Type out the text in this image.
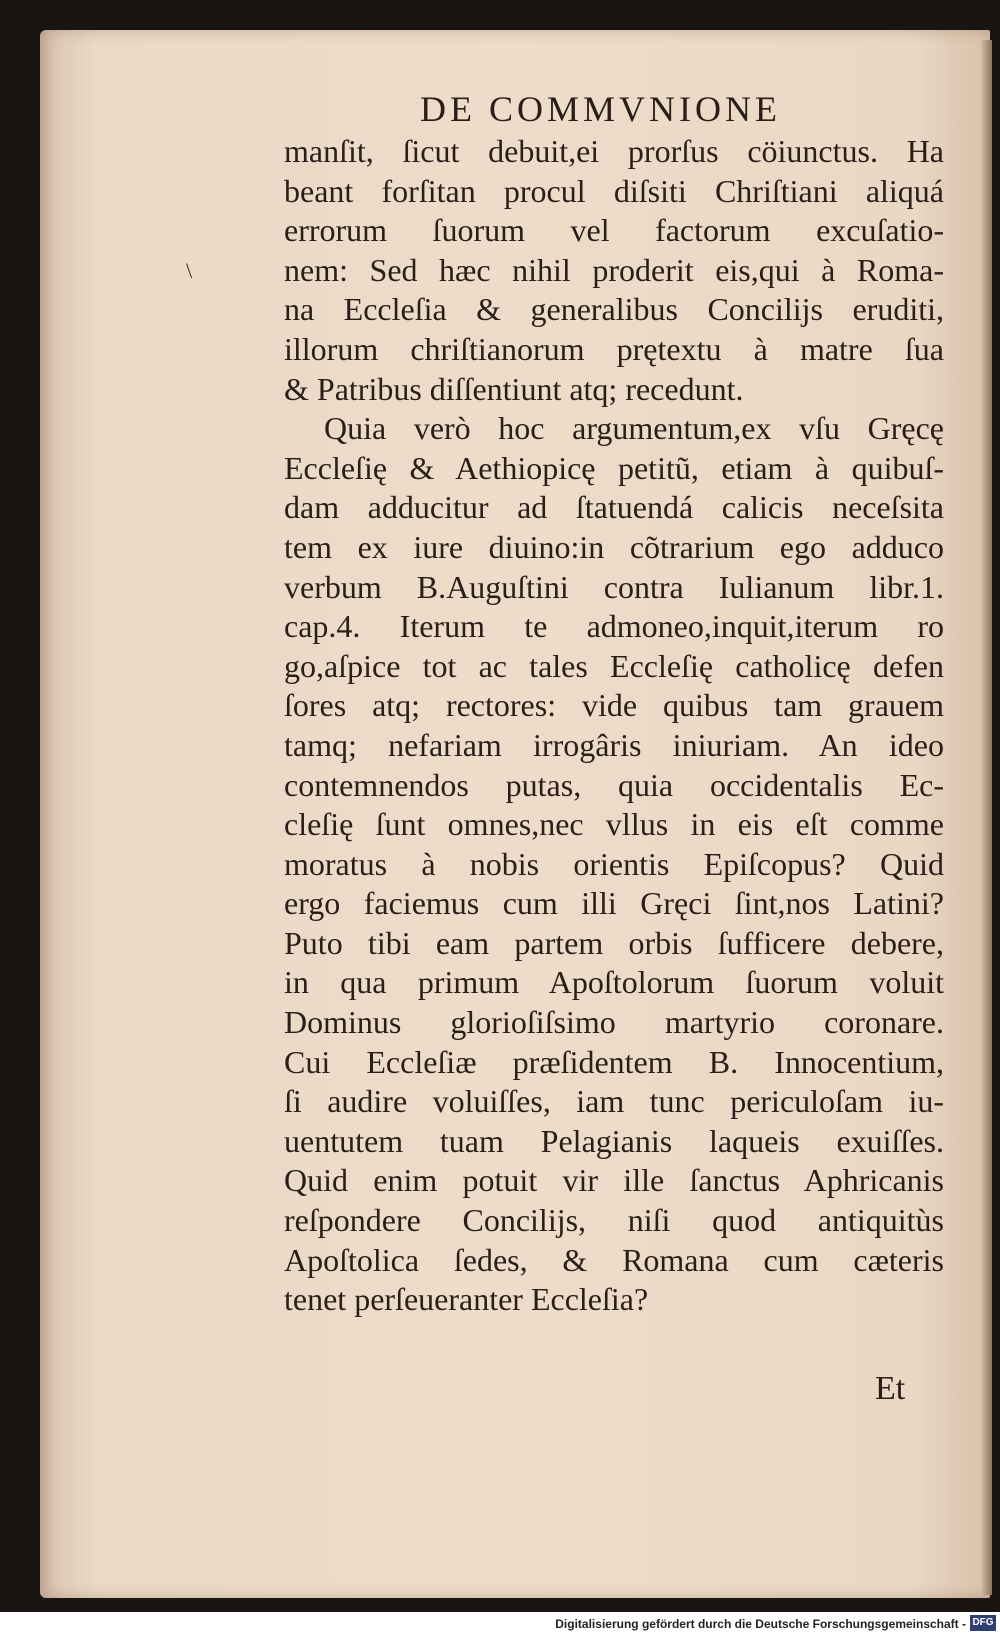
DE COMMVNIONE
\
manſit, ſicut debuit,ei prorſus cöiunctus. Ha
beant forſitan procul diſsiti Chriſtiani aliquá
errorum ſuorum vel factorum excuſatio-
nem: Sed hæc nihil proderit eis,qui à Roma-
na Eccleſia & generalibus Concilijs eruditi,
illorum chriſtianorum prętextu à matre ſua
& Patribus diſſentiunt atq; recedunt.
Quia verò hoc argumentum,ex vſu Gręcę
Eccleſię & Aethiopicę petitũ, etiam à quibuſ-
dam adducitur ad ſtatuendá calicis neceſsita
tem ex iure diuino:in cõtrarium ego adduco
verbum B.Auguſtini contra Iulianum libr.1.
cap.4. Iterum te admoneo,inquit,iterum ro
go,aſpice tot ac tales Eccleſię catholicę defen
ſores atq; rectores: vide quibus tam grauem
tamq; nefariam irrogâris iniuriam. An ideo
contemnendos putas, quia occidentalis Ec-
cleſię ſunt omnes,nec vllus in eis eſt comme
moratus à nobis orientis Epiſcopus? Quid
ergo faciemus cum illi Gręci ſint,nos Latini?
Puto tibi eam partem orbis ſufficere debere,
in qua primum Apoſtolorum ſuorum voluit
Dominus glorioſiſsimo martyrio coronare.
Cui Eccleſiæ præſidentem B. Innocentium,
ſi audire voluiſſes, iam tunc periculoſam iu-
uentutem tuam Pelagianis laqueis exuiſſes.
Quid enim potuit vir ille ſanctus Aphricanis
reſpondere Concilijs, niſi quod antiquitùs
Apoſtolica ſedes, & Romana cum cæteris
tenet perſeueranter Eccleſia?
Et
Digitalisierung gefördert durch die Deutsche Forschungsgemeinschaft - DFG
